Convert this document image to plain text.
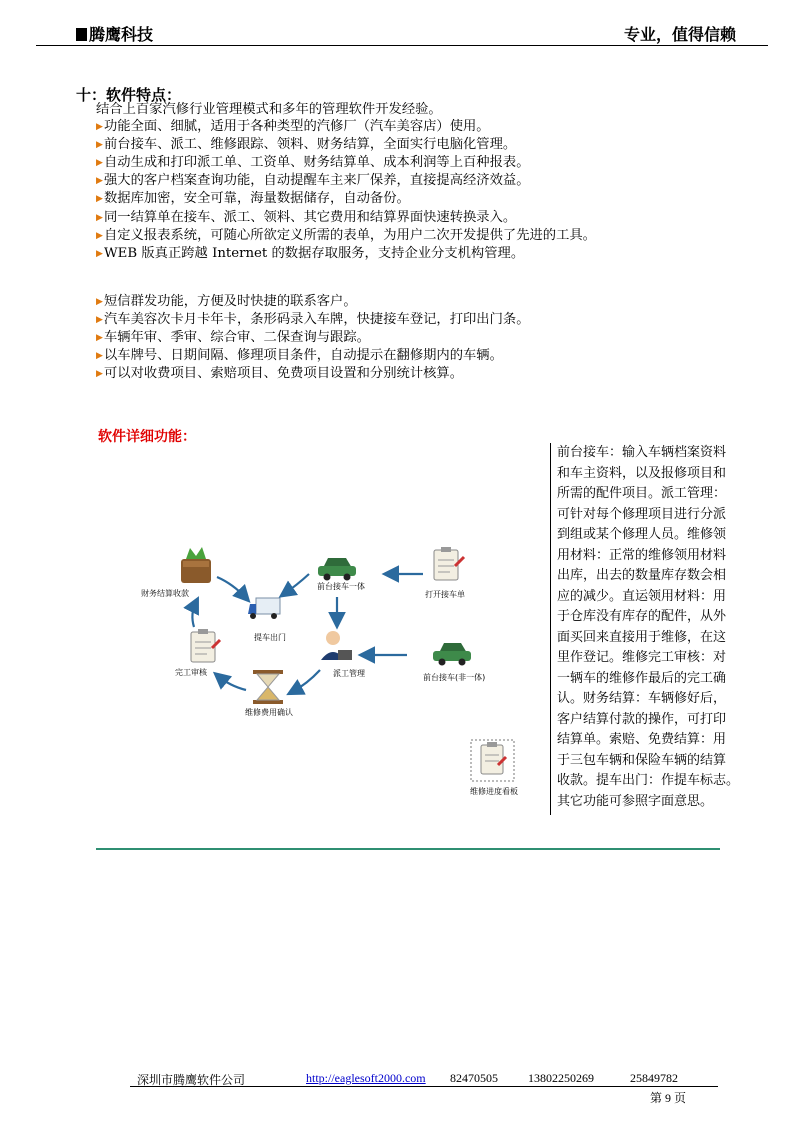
腾鹰科技	专业，值得信赖
十：软件特点：
结合上百家汽修行业管理模式和多年的管理软件开发经验。
▶功能全面、细腻，适用于各种类型的汽修厂（汽车美容店）使用。
▶前台接车、派工、维修跟踪、领料、财务结算，全面实行电脑化管理。
▶自动生成和打印派工单、工资单、财务结算单、成本利润等上百种报表。
▶强大的客户档案查询功能，自动提醒车主来厂保养，直接提高经济效益。
▶数据库加密，安全可靠，海量数据储存，自动备份。
▶同一结算单在接车、派工、领料、其它费用和结算界面快速转换录入。
▶自定义报表系统，可随心所欲定义所需的表单，为用户二次开发提供了先进的工具。
▶WEB 版真正跨越 Internet 的数据存取服务，支持企业分支机构管理。
▶短信群发功能，方便及时快捷的联系客户。
▶汽车美容次卡月卡年卡，条形码录入车牌，快捷接车登记，打印出门条。
▶车辆年审、季审、综合审、二保查询与跟踪。
▶以车牌号、日期间隔、修理项目条件，自动提示在翻修期内的车辆。
▶可以对收费项目、索赔项目、免费项目设置和分别统计核算。
软件详细功能：
财务结算收款
前台接车一体
打开接车单
提车出门
派工管理	前台接车(非一体)
完工审核
维修费用确认
维修进度看板
前台接车：输入车辆档案资料
和车主资料，以及报修项目和
所需的配件项目。派工管理：
可针对每个修理项目进行分派
到组或某个修理人员。维修领
用材料：正常的维修领用材料
出库，出去的数量库存数会相
应的减少。直运领用材料：用
于仓库没有库存的配件，从外
面买回来直接用于维修，在这
里作登记。维修完工审核：对
一辆车的维修作最后的完工确
认。财务结算：车辆修好后，
客户结算付款的操作，可打印
结算单。索赔、免费结算：用
于三包车辆和保险车辆的结算
收款。提车出门：作提车标志。
其它功能可参照字面意思。
深圳市腾鹰软件公司	http://eaglesoft2000.com 82470505	13802250269	25849782
第 9 页
